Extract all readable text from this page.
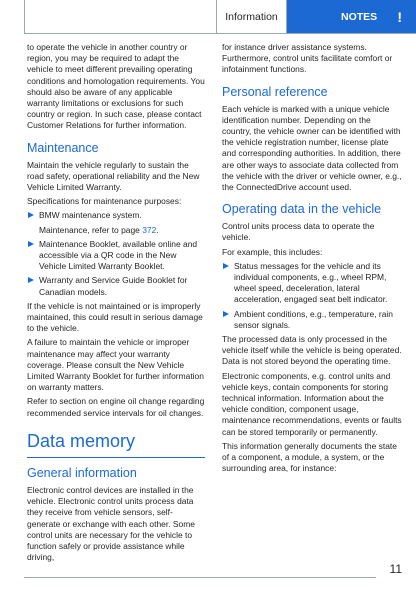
Information	NOTES !

to operate the vehicle in another country or region, you may be required to adapt the vehicle to meet different prevailing operating conditions and homologation requirements. You should also be aware of any applicable warranty limitations or exclusions for such country or region. In such case, please contact Customer Relations for further information.

Maintenance

Maintain the vehicle regularly to sustain the road safety, operational reliability and the New Vehicle Limited Warranty.

Specifications for maintenance purposes:

BMW maintenance system.
Maintenance, refer to page 372.
Maintenance Booklet, available online and accessible via a QR code in the New Vehicle Limited Warranty Booklet.
Warranty and Service Guide Booklet for Canadian models.

If the vehicle is not maintained or is improperly maintained, this could result in serious damage to the vehicle.

A failure to maintain the vehicle or improper maintenance may affect your warranty coverage. Please consult the New Vehicle Limited Warranty Booklet for further information on warranty matters.

Refer to section on engine oil change regarding recommended service intervals for oil changes.

Data memory
General information

Electronic control devices are installed in the vehicle. Electronic control units process data they receive from vehicle sensors, self-generate or exchange with each other. Some control units are necessary for the vehicle to function safely or provide assistance while driving,

for instance driver assistance systems. Furthermore, control units facilitate comfort or infotainment functions.

Personal reference

Each vehicle is marked with a unique vehicle identification number. Depending on the country, the vehicle owner can be identified with the vehicle registration number, license plate and corresponding authorities. In addition, there are other ways to associate data collected from the vehicle with the driver or vehicle owner, e.g., the ConnectedDrive account used.

Operating data in the vehicle

Control units process data to operate the vehicle.

For example, this includes:

Status messages for the vehicle and its individual components, e.g., wheel RPM, wheel speed, deceleration, lateral acceleration, engaged seat belt indicator.
Ambient conditions, e.g., temperature, rain sensor signals.

The processed data is only processed in the vehicle itself while the vehicle is being operated. Data is not stored beyond the operating time.

Electronic components, e.g. control units and vehicle keys, contain components for storing technical information. Information about the vehicle condition, component usage, maintenance recommendations, events or faults can be stored temporarily or permanently.

This information generally documents the state of a component, a module, a system, or the surrounding area, for instance:

11
